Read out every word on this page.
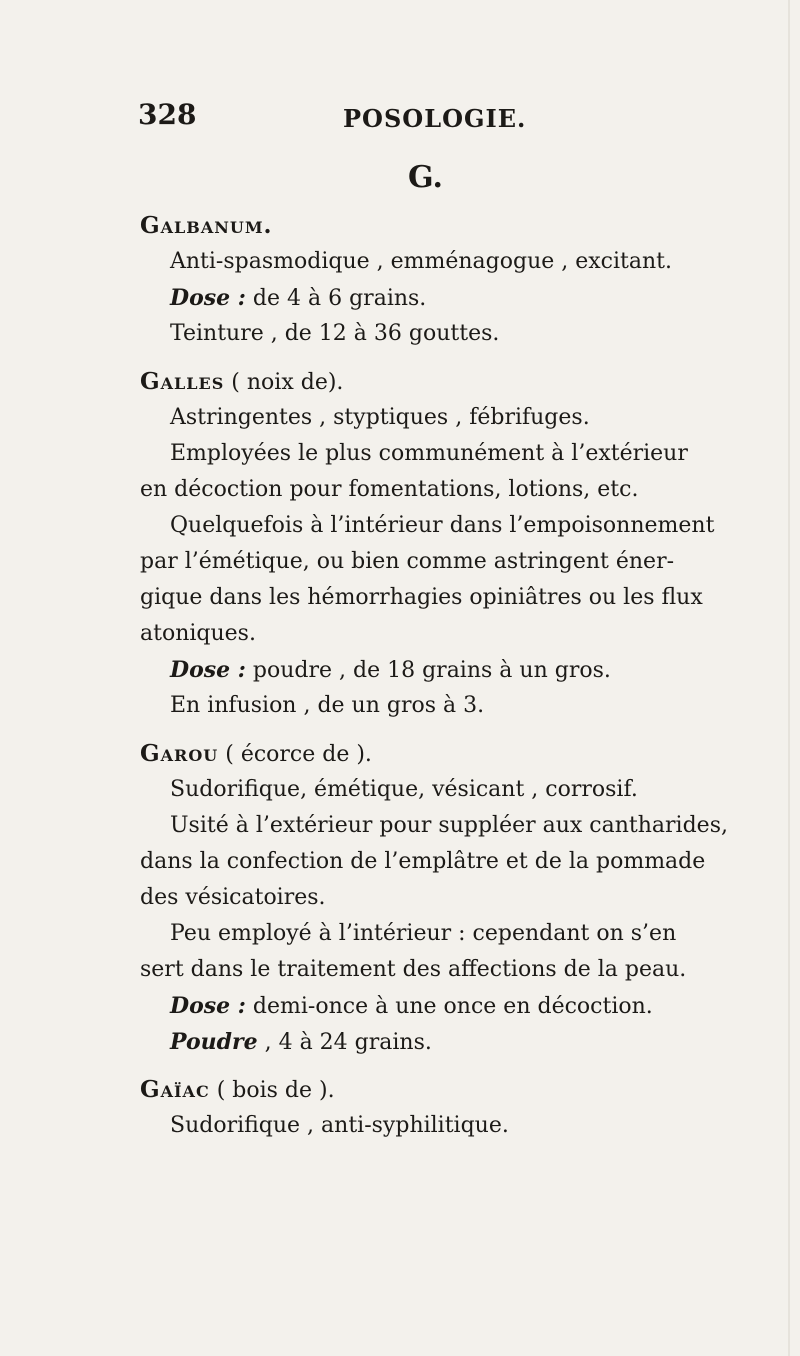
328	POSOLOGIE.
G.
Galbanum.
Anti-spasmodique , emménagogue , excitant.
Dose : de 4 à 6 grains.
Teinture , de 12 à 36 gouttes.
Galles ( noix de).
Astringentes , styptiques , fébrifuges.
Employées le plus communément à l’extérieur
en décoction pour fomentations, lotions, etc.
Quelquefois à l’intérieur dans l’empoisonnement
par l’émétique, ou bien comme astringent éner-
gique dans les hémorrhagies opiniâtres ou les flux
atoniques.
Dose : poudre , de 18 grains à un gros.
En infusion , de un gros à 3.
Garou ( écorce de ).
Sudorifique, émétique, vésicant , corrosif.
Usité à l’extérieur pour suppléer aux cantharides,
dans la confection de l’emplâtre et de la pommade
des vésicatoires.
Peu employé à l’intérieur : cependant on s’en
sert dans le traitement des affections de la peau.
Dose : demi-once à une once en décoction.
Poudre , 4 à 24 grains.
Gaïac ( bois de ).
Sudorifique , anti-syphilitique.
